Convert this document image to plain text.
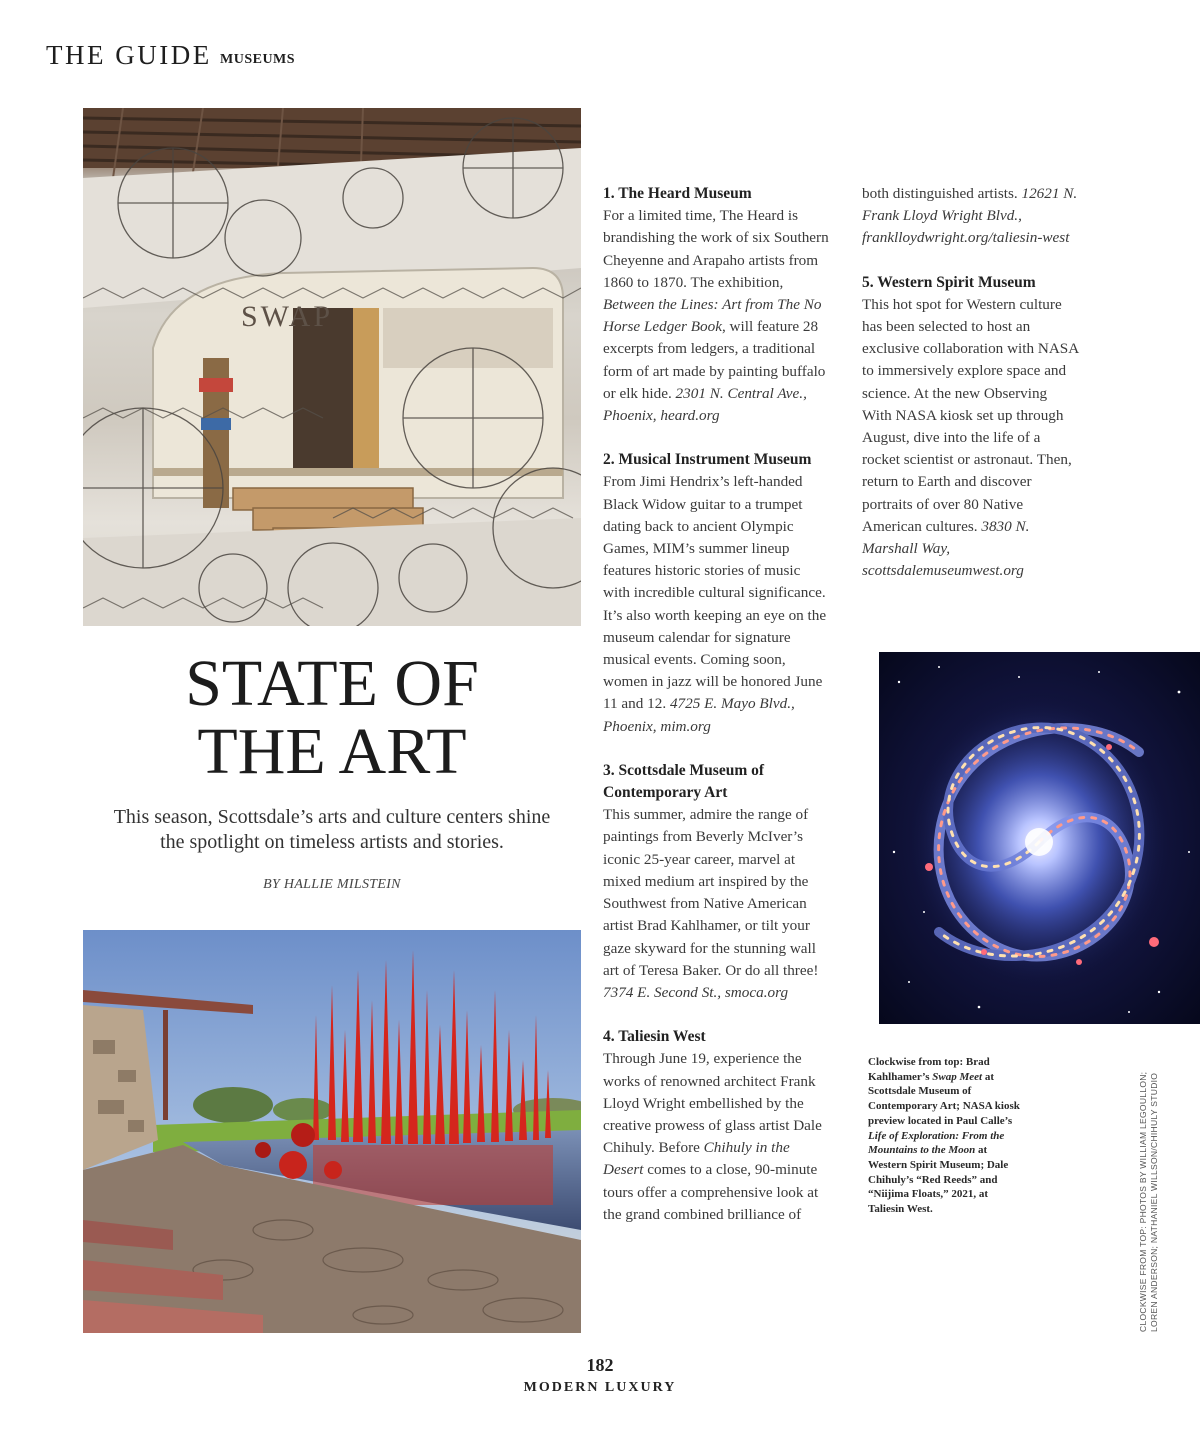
THE GUIDE MUSEUMS
SWAP
STATE OF
THE ART
This season, Scottsdale’s arts and culture centers shine
the spotlight on timeless artists and stories.
BY HALLIE MILSTEIN
1. The Heard Museum

For a limited time, The Heard is brandishing the work of six Southern Cheyenne and Arapaho artists from 1860 to 1870. The exhibition, Between the Lines: Art from The No Horse Ledger Book, will feature 28 excerpts from ledgers, a traditional form of art made by painting buffalo or elk hide. 2301 N. Central Ave., Phoenix, heard.org

2. Musical Instrument Museum

From Jimi Hendrix’s left-handed Black Widow guitar to a trumpet dating back to ancient Olympic Games, MIM’s summer lineup features historic stories of music with incredible cultural significance. It’s also worth keeping an eye on the museum calendar for signature musical events. Coming soon, women in jazz will be honored June 11 and 12. 4725 E. Mayo Blvd., Phoenix, mim.org

3. Scottsdale Museum of Contemporary Art

This summer, admire the range of paintings from Beverly McIver’s iconic 25-year career, marvel at mixed medium art inspired by the Southwest from Native American artist Brad Kahlhamer, or tilt your gaze skyward for the stunning wall art of Teresa Baker. Or do all three! 7374 E. Second St., smoca.org

4. Taliesin West

Through June 19, experience the works of renowned architect Frank Lloyd Wright embellished by the creative prowess of glass artist Dale Chihuly. Before Chihuly in the Desert comes to a close, 90-minute tours offer a comprehensive look at the grand combined brilliance of

both distinguished artists. 12621 N. Frank Lloyd Wright Blvd., franklloydwright.org/taliesin-west

5. Western Spirit Museum

This hot spot for Western culture has been selected to host an exclusive collaboration with NASA to immersively explore space and science. At the new Observing With NASA kiosk set up through August, dive into the life of a rocket scientist or astronaut. Then, return to Earth and discover portraits of over 80 Native American cultures. 3830 N. Marshall Way, scottsdalemuseumwest.org

Clockwise from top: Brad Kahlhamer’s Swap Meet at Scottsdale Museum of Contemporary Art; NASA kiosk preview located in Paul Calle’s Life of Exploration: From the Mountains to the Moon at Western Spirit Museum; Dale Chihuly’s “Red Reeds” and “Niijima Floats,” 2021, at Taliesin West.	CLOCKWISE FROM TOP: PHOTOS BY WILLIAM LEGOULLON; LOREN ANDERSON; NATHANIEL WILLSON/CHIHULY STUDIO
182
MODERN LUXURY
